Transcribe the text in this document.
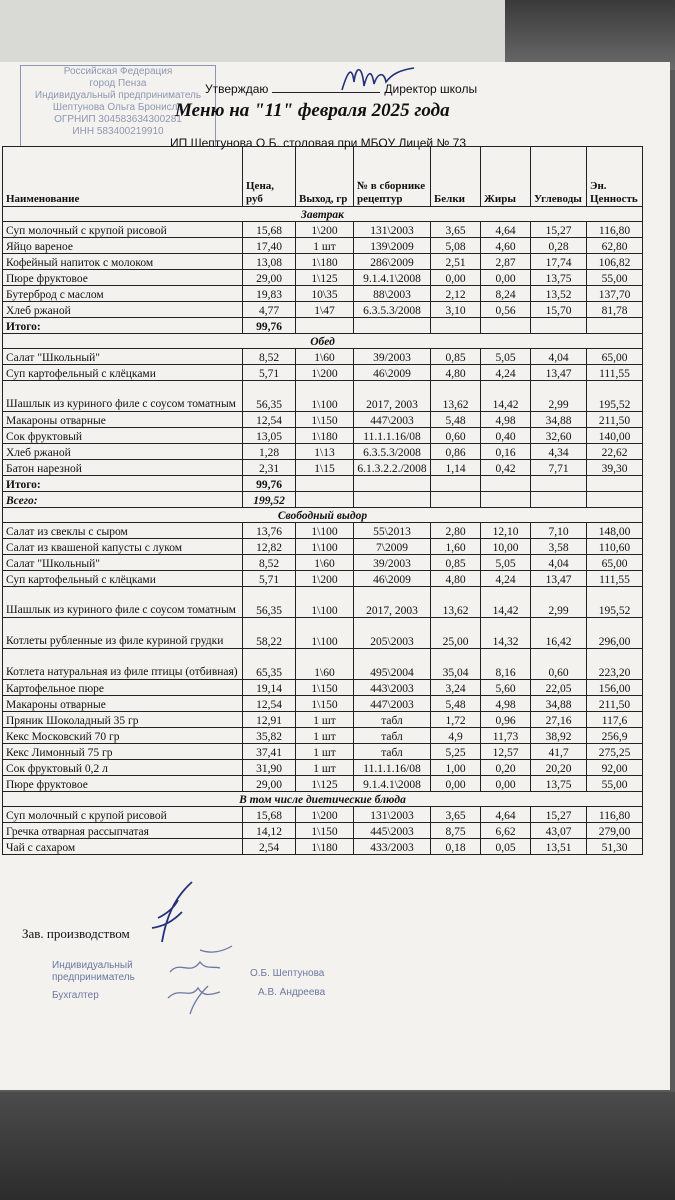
Российская Федерация
город Пенза
Индивидуальный предприниматель
Шептунова Ольга Бронисла
ОГРНИП 304583634300281
ИНН 583400219910
Утверждаю	Директор школы
Меню на "11" февраля 2025 года
ИП Шептунова О.Б. столовая при МБОУ Лицей № 73
Наименование	Цена, руб	Выход, гр	№ в сборнике рецептур	Белки	Жиры	Углеводы	Эн. Ценность
Завтрак							
Суп молочный с крупой рисовой	15,68	1\200	131\2003	3,65	4,64	15,27	116,80
Яйцо вареное	17,40	1 шт	139\2009	5,08	4,60	0,28	62,80
Кофейный напиток с молоком	13,08	1\180	286\2009	2,51	2,87	17,74	106,82
Пюре фруктовое	29,00	1\125	9.1.4.1\2008	0,00	0,00	13,75	55,00
Бутерброд с маслом	19,83	10\35	88\2003	2,12	8,24	13,52	137,70
Хлеб ржаной	4,77	1\47	6.3.5.3/2008	3,10	0,56	15,70	81,78
Итого:	99,76						
Обед							
Салат "Школьный"	8,52	1\60	39/2003	0,85	5,05	4,04	65,00
Суп картофельный с клёцками	5,71	1\200	46\2009	4,80	4,24	13,47	111,55
Шашлык из куриного филе с соусом томатным	56,35	1\100	2017, 2003	13,62	14,42	2,99	195,52
Макароны отварные	12,54	1\150	447\2003	5,48	4,98	34,88	211,50
Сок фруктовый	13,05	1\180	11.1.1.16/08	0,60	0,40	32,60	140,00
Хлеб ржаной	1,28	1\13	6.3.5.3/2008	0,86	0,16	4,34	22,62
Батон нарезной	2,31	1\15	6.1.3.2.2./2008	1,14	0,42	7,71	39,30
Итого:	99,76						
Всего:	199,52						
Свободный выдор							
Салат из свеклы с сыром	13,76	1\100	55\2013	2,80	12,10	7,10	148,00
Салат из квашеной капусты с луком	12,82	1\100	7\2009	1,60	10,00	3,58	110,60
Салат "Школьный"	8,52	1\60	39/2003	0,85	5,05	4,04	65,00
Суп картофельный с клёцками	5,71	1\200	46\2009	4,80	4,24	13,47	111,55
Шашлык из куриного филе с соусом томатным	56,35	1\100	2017, 2003	13,62	14,42	2,99	195,52
Котлеты рубленные из филе куриной грудки	58,22	1\100	205\2003	25,00	14,32	16,42	296,00
Котлета натуральная из филе птицы (отбивная)	65,35	1\60	495\2004	35,04	8,16	0,60	223,20
Картофельное пюре	19,14	1\150	443\2003	3,24	5,60	22,05	156,00
Макароны отварные	12,54	1\150	447\2003	5,48	4,98	34,88	211,50
Пряник Шоколадный 35 гр	12,91	1 шт	табл	1,72	0,96	27,16	117,6
Кекс Московский 70 гр	35,82	1 шт	табл	4,9	11,73	38,92	256,9
Кекс Лимонный 75 гр	37,41	1 шт	табл	5,25	12,57	41,7	275,25
Сок фруктовый 0,2 л	31,90	1 шт	11.1.1.16/08	1,00	0,20	20,20	92,00
Пюре фруктовое	29,00	1\125	9.1.4.1\2008	0,00	0,00	13,75	55,00
В том числе диетические блюда							
Суп молочный с крупой рисовой	15,68	1\200	131\2003	3,65	4,64	15,27	116,80
Гречка отварная рассыпчатая	14,12	1\150	445\2003	8,75	6,62	43,07	279,00
Чай с сахаром	2,54	1\180	433/2003	0,18	0,05	13,51	51,30
Зав. производством
Индивидуальный предприниматель	О.Б. Шептунова
Бухгалтер	А.В. Андреева
